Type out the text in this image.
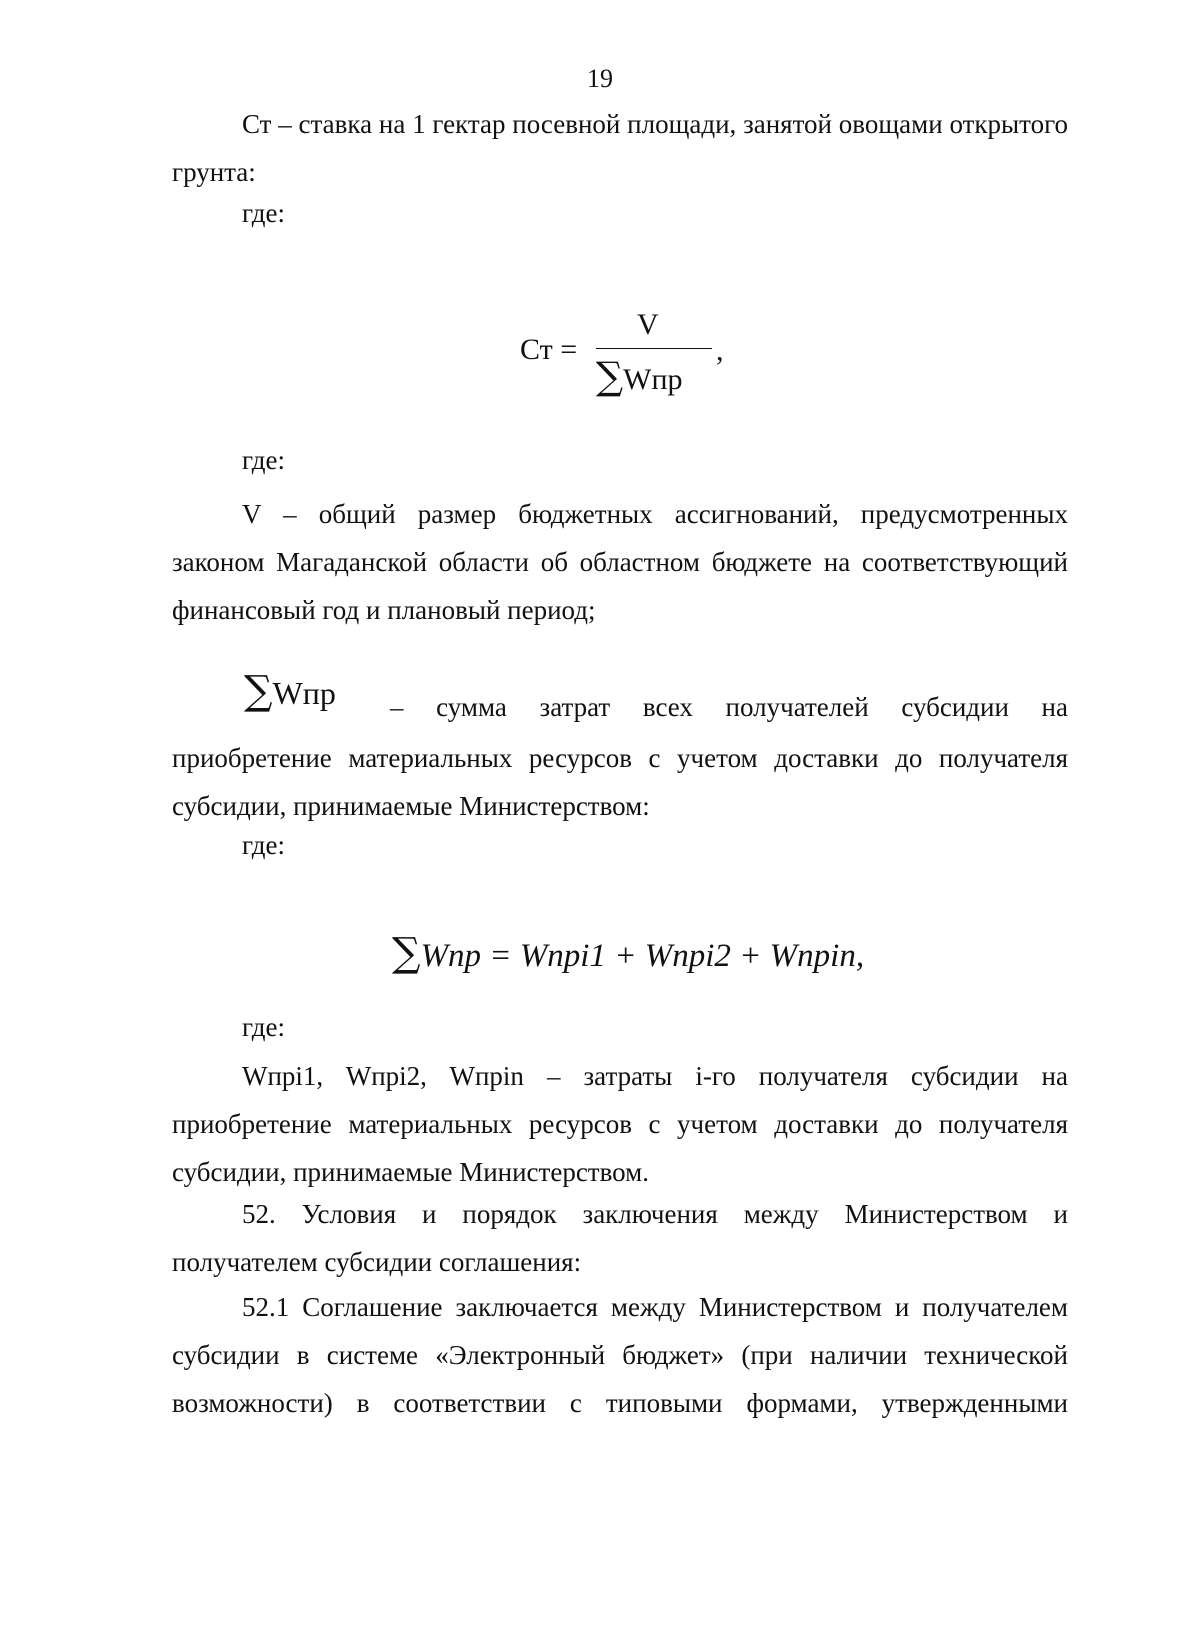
19
Ст – ставка на 1 гектар посевной площади, занятой овощами открытого грунта:
где:
Ст =
V
∑Wпр
,
где:
V – общий размер бюджетных ассигнований, предусмотренных законом Магаданской области об областном бюджете на соответствующий финансовый год и плановый период;
∑Wпр – сумма затрат всех получателей субсидии на
приобретение материальных ресурсов с учетом доставки до получателя субсидии, принимаемые Министерством:
где:
∑Wnp = Wnpi1 + Wnpi2 + Wnpin,
где:
Wпрi1, Wпрi2, Wпрin – затраты i-го получателя субсидии на приобретение материальных ресурсов с учетом доставки до получателя субсидии, принимаемые Министерством.
52. Условия и порядок заключения между Министерством и получателем субсидии соглашения:
52.1 Соглашение заключается между Министерством и получателем субсидии в системе «Электронный бюджет» (при наличии технической возможности) в соответствии с типовыми формами, утвержденными
